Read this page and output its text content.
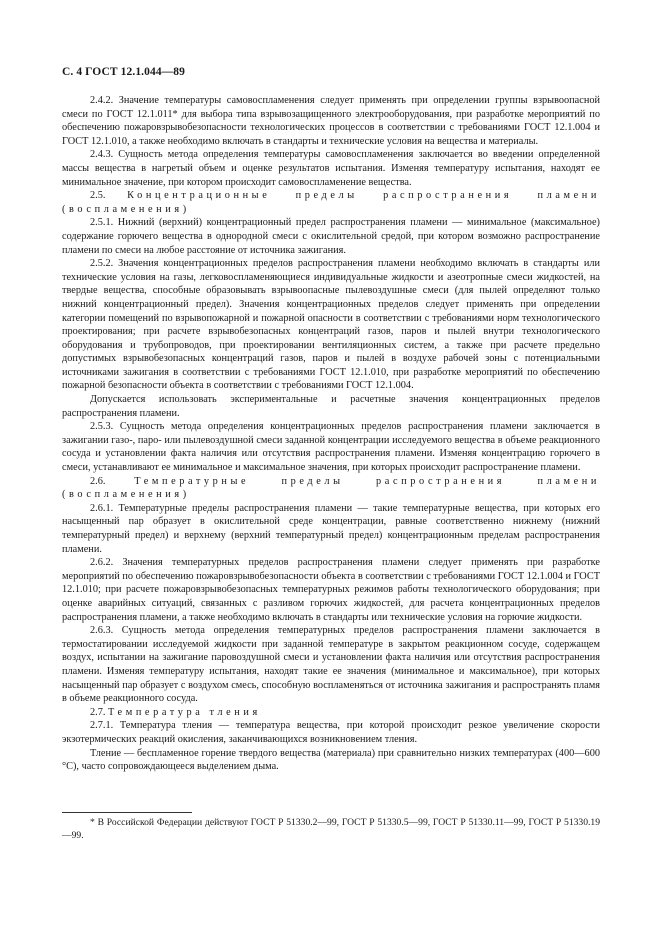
С. 4 ГОСТ 12.1.044—89

2.4.2. Значение температуры самовоспламенения следует применять при определении группы взрывоопасной смеси по ГОСТ 12.1.011* для выбора типа взрывозащищенного электрооборудования, при разработке мероприятий по обеспечению пожаровзрывобезопасности технологических процессов в соответствии с требованиями ГОСТ 12.1.004 и ГОСТ 12.1.010, а также необходимо включать в стандарты и технические условия на вещества и материалы.

2.4.3. Сущность метода определения температуры самовоспламенения заключается во введении определенной массы вещества в нагретый объем и оценке результатов испытания. Изменяя температуру испытания, находят ее минимальное значение, при котором происходит самовоспламенение вещества.

2.5. Концентрационные пределы распространения пламени (воспламенения)

2.5.1. Нижний (верхний) концентрационный предел распространения пламени — минимальное (максимальное) содержание горючего вещества в однородной смеси с окислительной средой, при котором возможно распространение пламени по смеси на любое расстояние от источника зажигания.

2.5.2. Значения концентрационных пределов распространения пламени необходимо включать в стандарты или технические условия на газы, легковоспламеняющиеся индивидуальные жидкости и азеотропные смеси жидкостей, на твердые вещества, способные образовывать взрывоопасные пылевоздушные смеси (для пылей определяют только нижний концентрационный предел). Значения концентрационных пределов следует применять при определении категории помещений по взрывопожарной и пожарной опасности в соответствии с требованиями норм технологического проектирования; при расчете взрывобезопасных концентраций газов, паров и пылей внутри технологического оборудования и трубопроводов, при проектировании вентиляционных систем, а также при расчете предельно допустимых взрывобезопасных концентраций газов, паров и пылей в воздухе рабочей зоны с потенциальными источниками зажигания в соответствии с требованиями ГОСТ 12.1.010, при разработке мероприятий по обеспечению пожарной безопасности объекта в соответствии с требованиями ГОСТ 12.1.004.

Допускается использовать экспериментальные и расчетные значения концентрационных пределов распространения пламени.

2.5.3. Сущность метода определения концентрационных пределов распространения пламени заключается в зажигании газо-, паро- или пылевоздушной смеси заданной концентрации исследуемого вещества в объеме реакционного сосуда и установлении факта наличия или отсутствия распространения пламени. Изменяя концентрацию горючего в смеси, устанавливают ее минимальное и максимальное значения, при которых происходит распространение пламени.

2.6.	Температурные пределы распространения пламени (воспламенения)

2.6.1. Температурные пределы распространения пламени — такие температурные вещества, при которых его насыщенный пар образует в окислительной среде концентрации, равные соответственно нижнему (нижний температурный предел) и верхнему (верхний температурный предел) концентрационным пределам распространения пламени.

2.6.2. Значения температурных пределов распространения пламени следует применять при разработке мероприятий по обеспечению пожаровзрывобезопасности объекта в соответствии с требованиями ГОСТ 12.1.004 и ГОСТ 12.1.010; при расчете пожаровзрывобезопасных температурных режимов работы технологического оборудования; при оценке аварийных ситуаций, связанных с разливом горючих жидкостей, для расчета концентрационных пределов распространения пламени, а также необходимо включать в стандарты или технические условия на горючие жидкости.

2.6.3. Сущность метода определения температурных пределов распространения пламени заключается в термостатировании исследуемой жидкости при заданной температуре в закрытом реакционном сосуде, содержащем воздух, испытании на зажигание паровоздушной смеси и установлении факта наличия или отсутствия распространения пламени. Изменяя температуру испытания, находят такие ее значения (минимальное и максимальное), при которых насыщенный пар образует с воздухом смесь, способную воспламеняться от источника зажигания и распространять пламя в объеме реакционного сосуда.

2.7. Температура тления

2.7.1. Температура тления — температура вещества, при которой происходит резкое увеличение скорости экзотермических реакций окисления, заканчивающихся возникновением тления.

Тление — беспламенное горение твердого вещества (материала) при сравнительно низких температурах (400—600 °С), часто сопровождающееся выделением дыма.

* В Российской Федерации действуют ГОСТ Р 51330.2—99, ГОСТ Р 51330.5—99, ГОСТ Р 51330.11—99, ГОСТ Р 51330.19—99.
